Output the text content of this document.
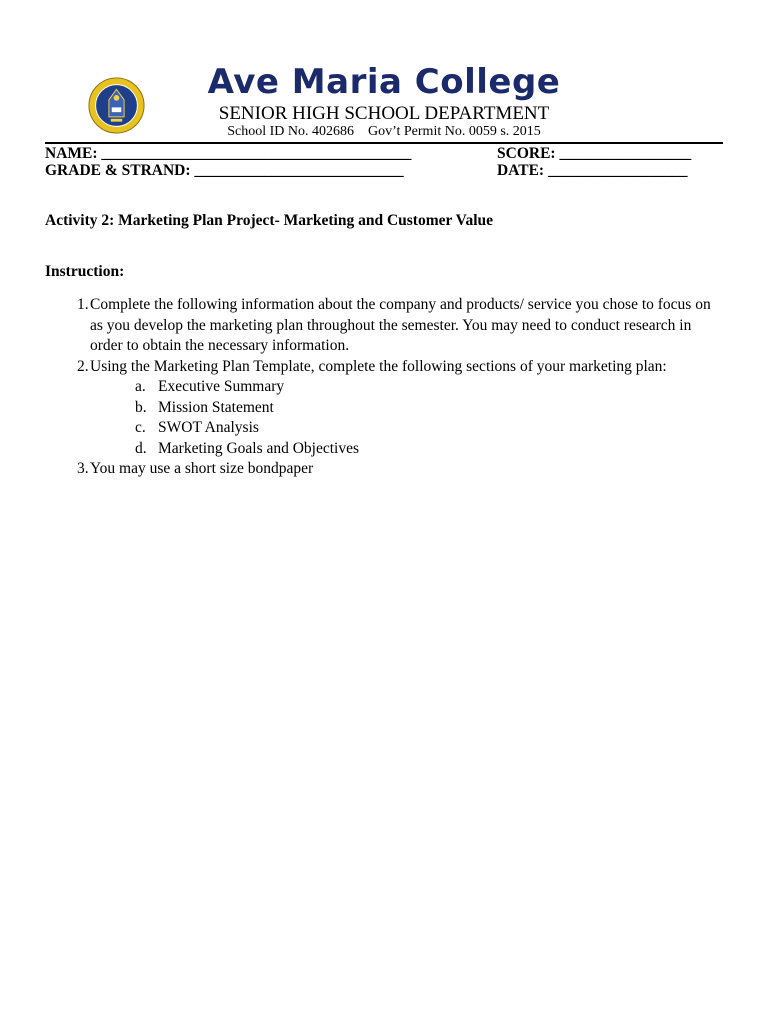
Ave Maria College
SENIOR HIGH SCHOOL DEPARTMENT
School ID No. 402686 Gov’t Permit No. 0059 s. 2015
NAME: ________________________________________	SCORE: _________________
GRADE & STRAND: ___________________________	DATE: __________________
Activity 2: Marketing Plan Project- Marketing and Customer Value
Instruction:
1. Complete the following information about the company and products/ service you chose to focus on as you develop the marketing plan throughout the semester. You may need to conduct research in order to obtain the necessary information.
2. Using the Marketing Plan Template, complete the following sections of your marketing plan:
a. Executive Summary
b. Mission Statement
c. SWOT Analysis
d. Marketing Goals and Objectives
3. You may use a short size bondpaper
